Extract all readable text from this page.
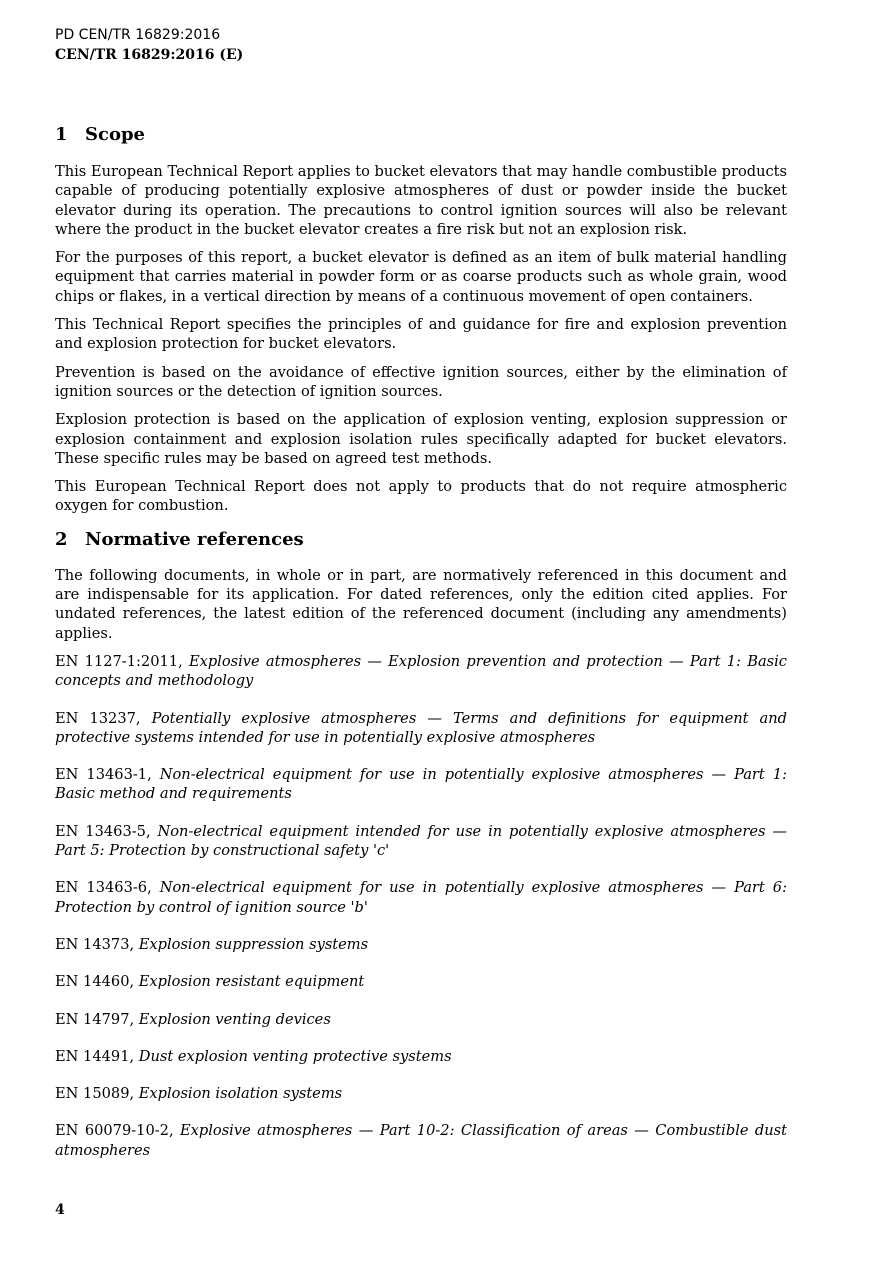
PD CEN/TR 16829:2016
CEN/TR 16829:2016 (E)
1 Scope

This European Technical Report applies to bucket elevators that may handle combustible products capable of producing potentially explosive atmospheres of dust or powder inside the bucket elevator during its operation. The precautions to control ignition sources will also be relevant where the product in the bucket elevator creates a fire risk but not an explosion risk.

For the purposes of this report, a bucket elevator is defined as an item of bulk material handling equipment that carries material in powder form or as coarse products such as whole grain, wood chips or flakes, in a vertical direction by means of a continuous movement of open containers.

This Technical Report specifies the principles of and guidance for fire and explosion prevention and explosion protection for bucket elevators.

Prevention is based on the avoidance of effective ignition sources, either by the elimination of ignition sources or the detection of ignition sources.

Explosion protection is based on the application of explosion venting, explosion suppression or explosion containment and explosion isolation rules specifically adapted for bucket elevators. These specific rules may be based on agreed test methods.

This European Technical Report does not apply to products that do not require atmospheric oxygen for combustion.

2 Normative references

The following documents, in whole or in part, are normatively referenced in this document and are indispensable for its application. For dated references, only the edition cited applies. For undated references, the latest edition of the referenced document (including any amendments) applies.

EN 1127-1:2011, Explosive atmospheres — Explosion prevention and protection — Part 1: Basic concepts and methodology
EN 13237, Potentially explosive atmospheres — Terms and definitions for equipment and protective systems intended for use in potentially explosive atmospheres
EN 13463-1, Non-electrical equipment for use in potentially explosive atmospheres — Part 1: Basic method and requirements
EN 13463-5, Non-electrical equipment intended for use in potentially explosive atmospheres — Part 5: Protection by constructional safety 'c'
EN 13463-6, Non-electrical equipment for use in potentially explosive atmospheres — Part 6: Protection by control of ignition source 'b'
EN 14373, Explosion suppression systems
EN 14460, Explosion resistant equipment
EN 14797, Explosion venting devices
EN 14491, Dust explosion venting protective systems
EN 15089, Explosion isolation systems
EN 60079-10-2, Explosive atmospheres — Part 10-2: Classification of areas — Combustible dust atmospheres
4
